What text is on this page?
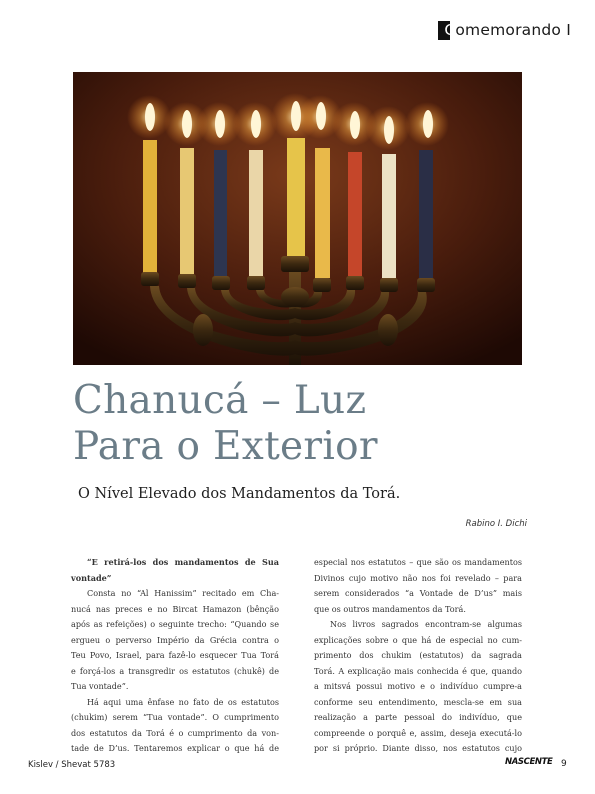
Comemorando I
Chanucá – Luz
Para o Exterior
O Nível Elevado dos Mandamentos da Torá.
Rabino I. Dichi
“E retirá-los dos mandamentos de Sua
vontade”
Consta no “Al Hanissim” recitado em Cha-
nucá nas preces e no Bircat Hamazon (bênção
após as refeições) o seguinte trecho: “Quando se
ergueu o perverso Império da Grécia contra o
Teu Povo, Israel, para fazê-lo esquecer Tua Torá
e forçá-los a transgredir os estatutos (chukê) de
Tua vontade”.
Há aqui uma ênfase no fato de os estatutos
(chukim) serem “Tua vontade”. O cumprimento
dos estatutos da Torá é o cumprimento da von-
tade de D’us. Tentaremos explicar o que há de
especial nos estatutos – que são os mandamentos
Divinos cujo motivo não nos foi revelado – para
serem considerados “a Vontade de D’us” mais
que os outros mandamentos da Torá.
Nos livros sagrados encontram-se algumas
explicações sobre o que há de especial no cum-
primento dos chukim (estatutos) da sagrada
Torá. A explicação mais conhecida é que, quando
a mitsvá possui motivo e o indivíduo cumpre-a
conforme seu entendimento, mescla-se em sua
realização a parte pessoal do indivíduo, que
compreende o porquê e, assim, deseja executá-lo
por si próprio. Diante disso, nos estatutos cujo
Kislev / Shevat 5783	NASCENTE 9
